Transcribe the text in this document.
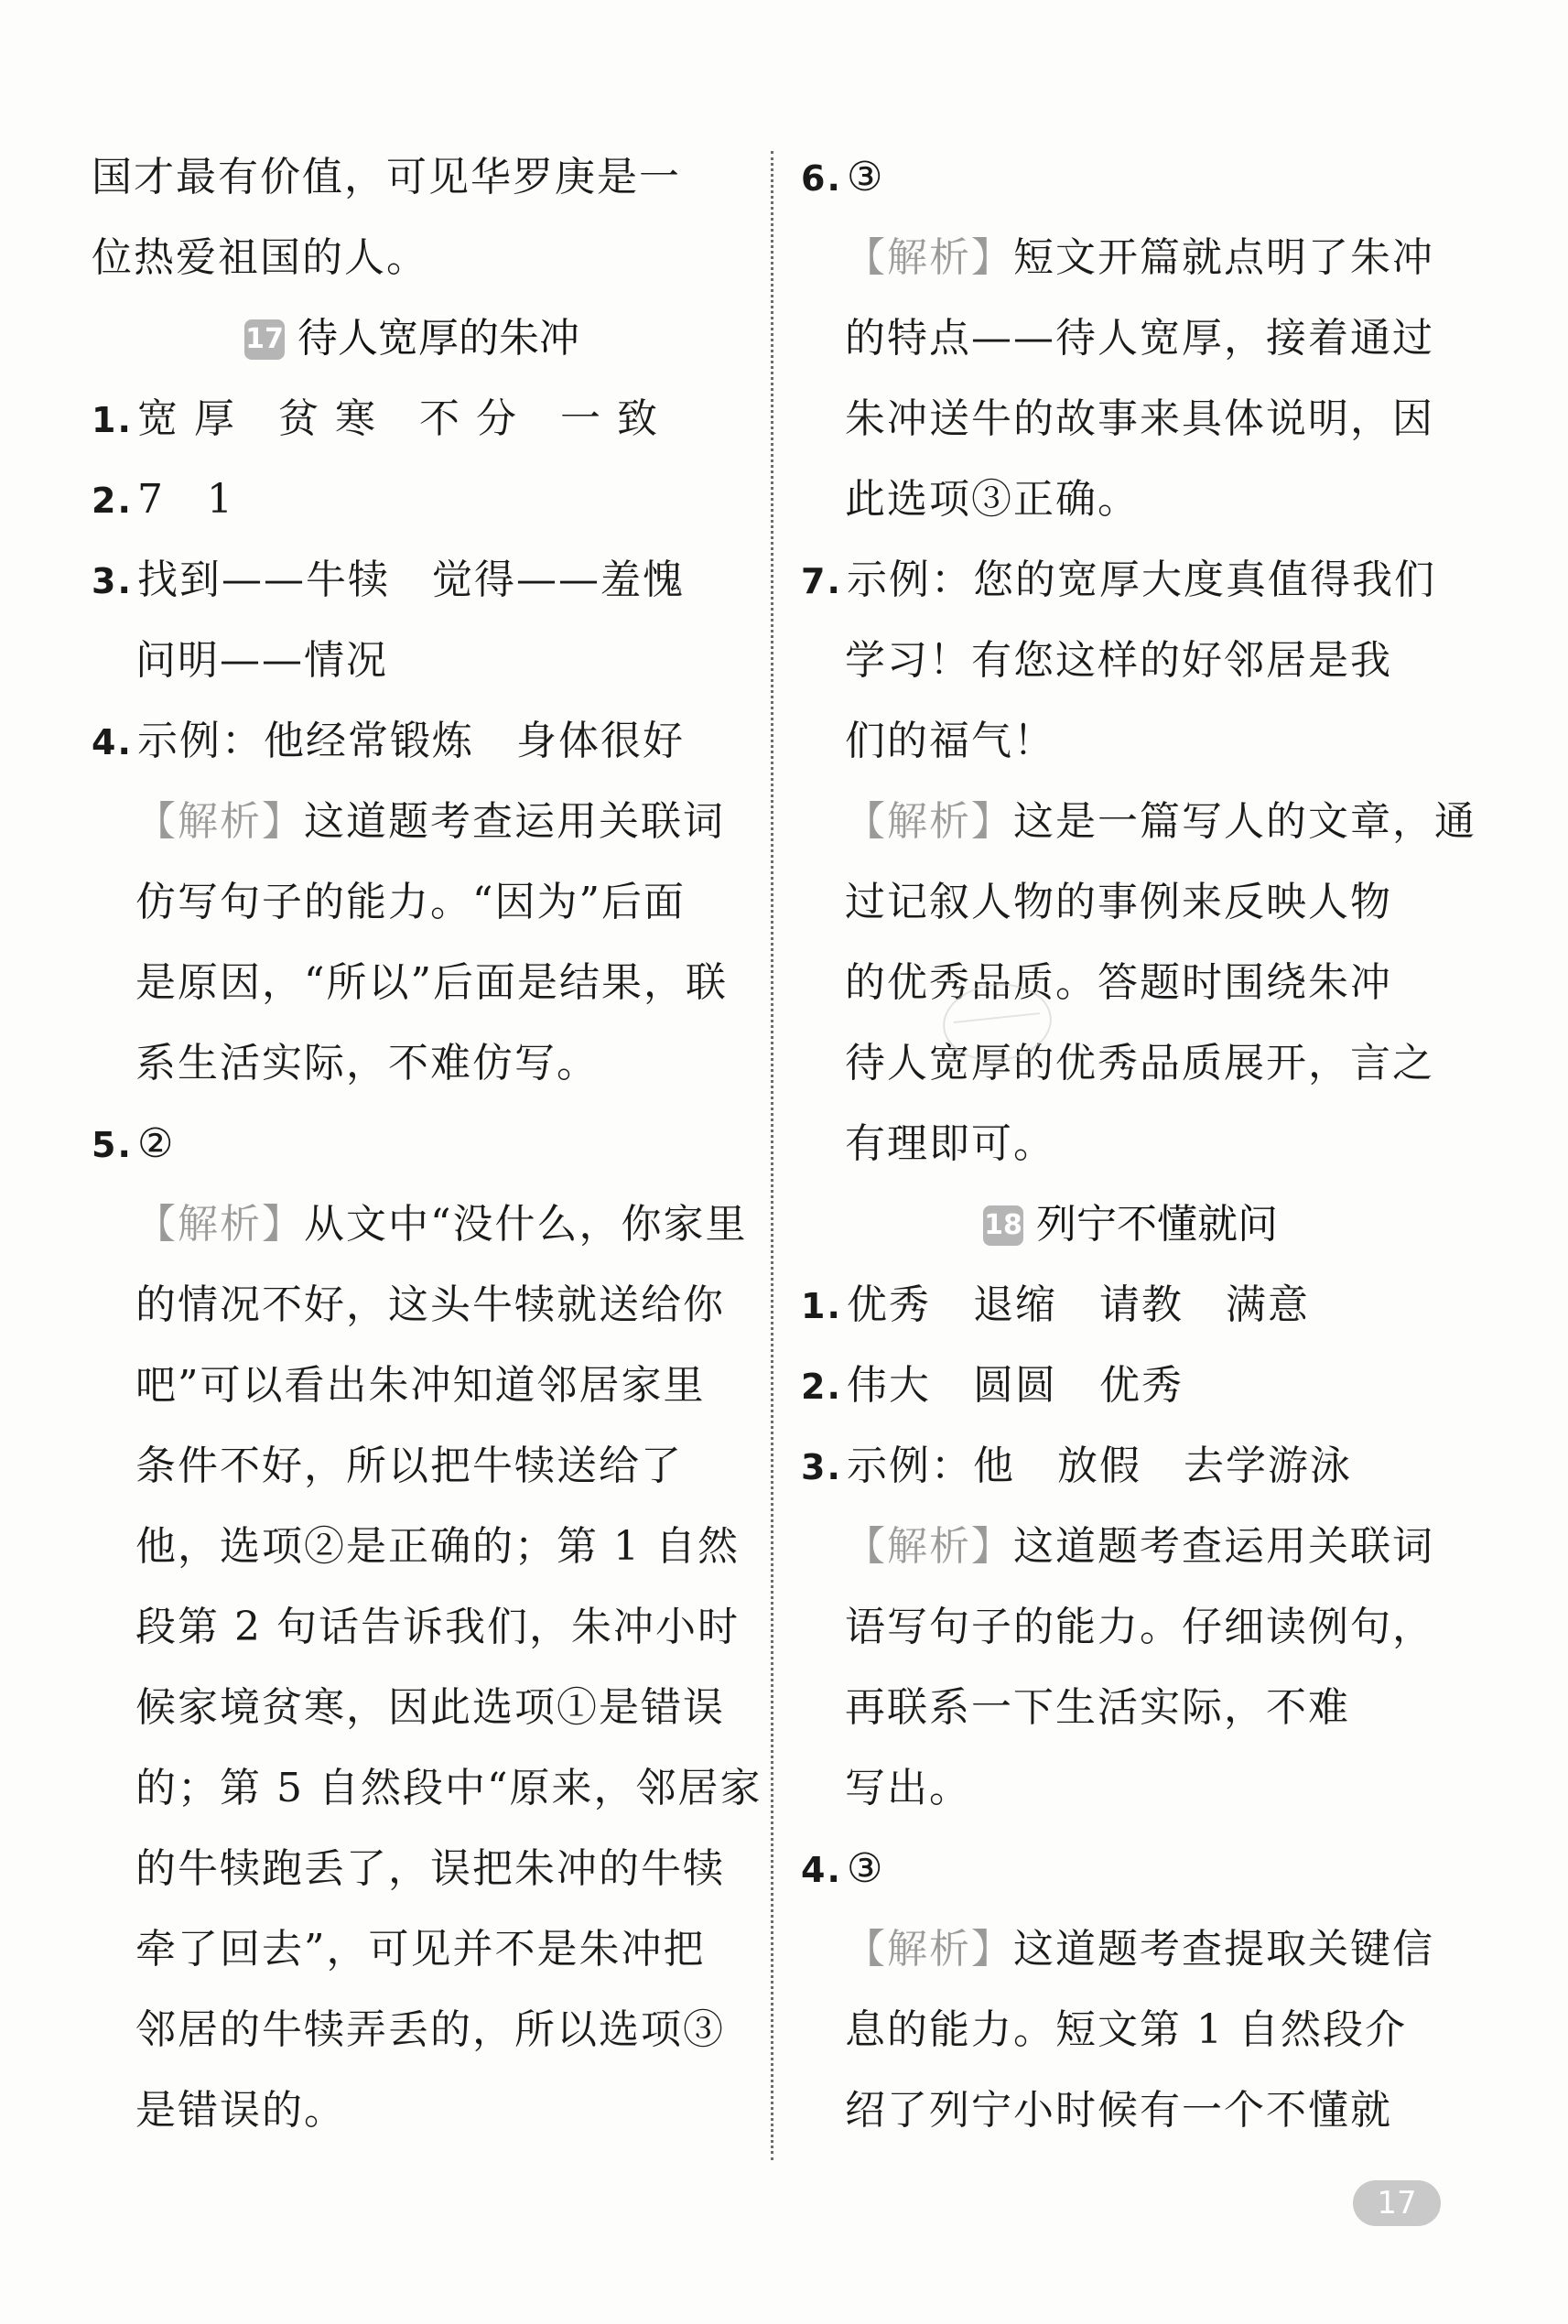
国才最有价值，可见华罗庚是一
位热爱祖国的人。
17 待人宽厚的朱冲
1. 宽 厚　贫 寒　不 分　一 致
2. 7　1
3. 找到——牛犊　觉得——羞愧
问明——情况
4. 示例：他经常锻炼　身体很好
【解析】这道题考查运用关联词
仿写句子的能力。“因为”后面
是原因，“所以”后面是结果，联
系生活实际，不难仿写。
5. ②
【解析】从文中“没什么，你家里
的情况不好，这头牛犊就送给你
吧”可以看出朱冲知道邻居家里
条件不好，所以把牛犊送给了
他，选项②是正确的；第 1 自然
段第 2 句话告诉我们，朱冲小时
候家境贫寒，因此选项①是错误
的；第 5 自然段中“原来，邻居家
的牛犊跑丢了，误把朱冲的牛犊
牵了回去”，可见并不是朱冲把
邻居的牛犊弄丢的，所以选项③
是错误的。
6. ③
【解析】短文开篇就点明了朱冲
的特点——待人宽厚，接着通过
朱冲送牛的故事来具体说明，因
此选项③正确。
7. 示例：您的宽厚大度真值得我们
学习！有您这样的好邻居是我
们的福气！
【解析】这是一篇写人的文章，通
过记叙人物的事例来反映人物
的优秀品质。答题时围绕朱冲
待人宽厚的优秀品质展开，言之
有理即可。
18 列宁不懂就问
1. 优秀　退缩　请教　满意
2. 伟大　圆圆　优秀
3. 示例：他　放假　去学游泳
【解析】这道题考查运用关联词
语写句子的能力。仔细读例句，
再联系一下生活实际，不难
写出。
4. ③
【解析】这道题考查提取关键信
息的能力。短文第 1 自然段介
绍了列宁小时候有一个不懂就
17
